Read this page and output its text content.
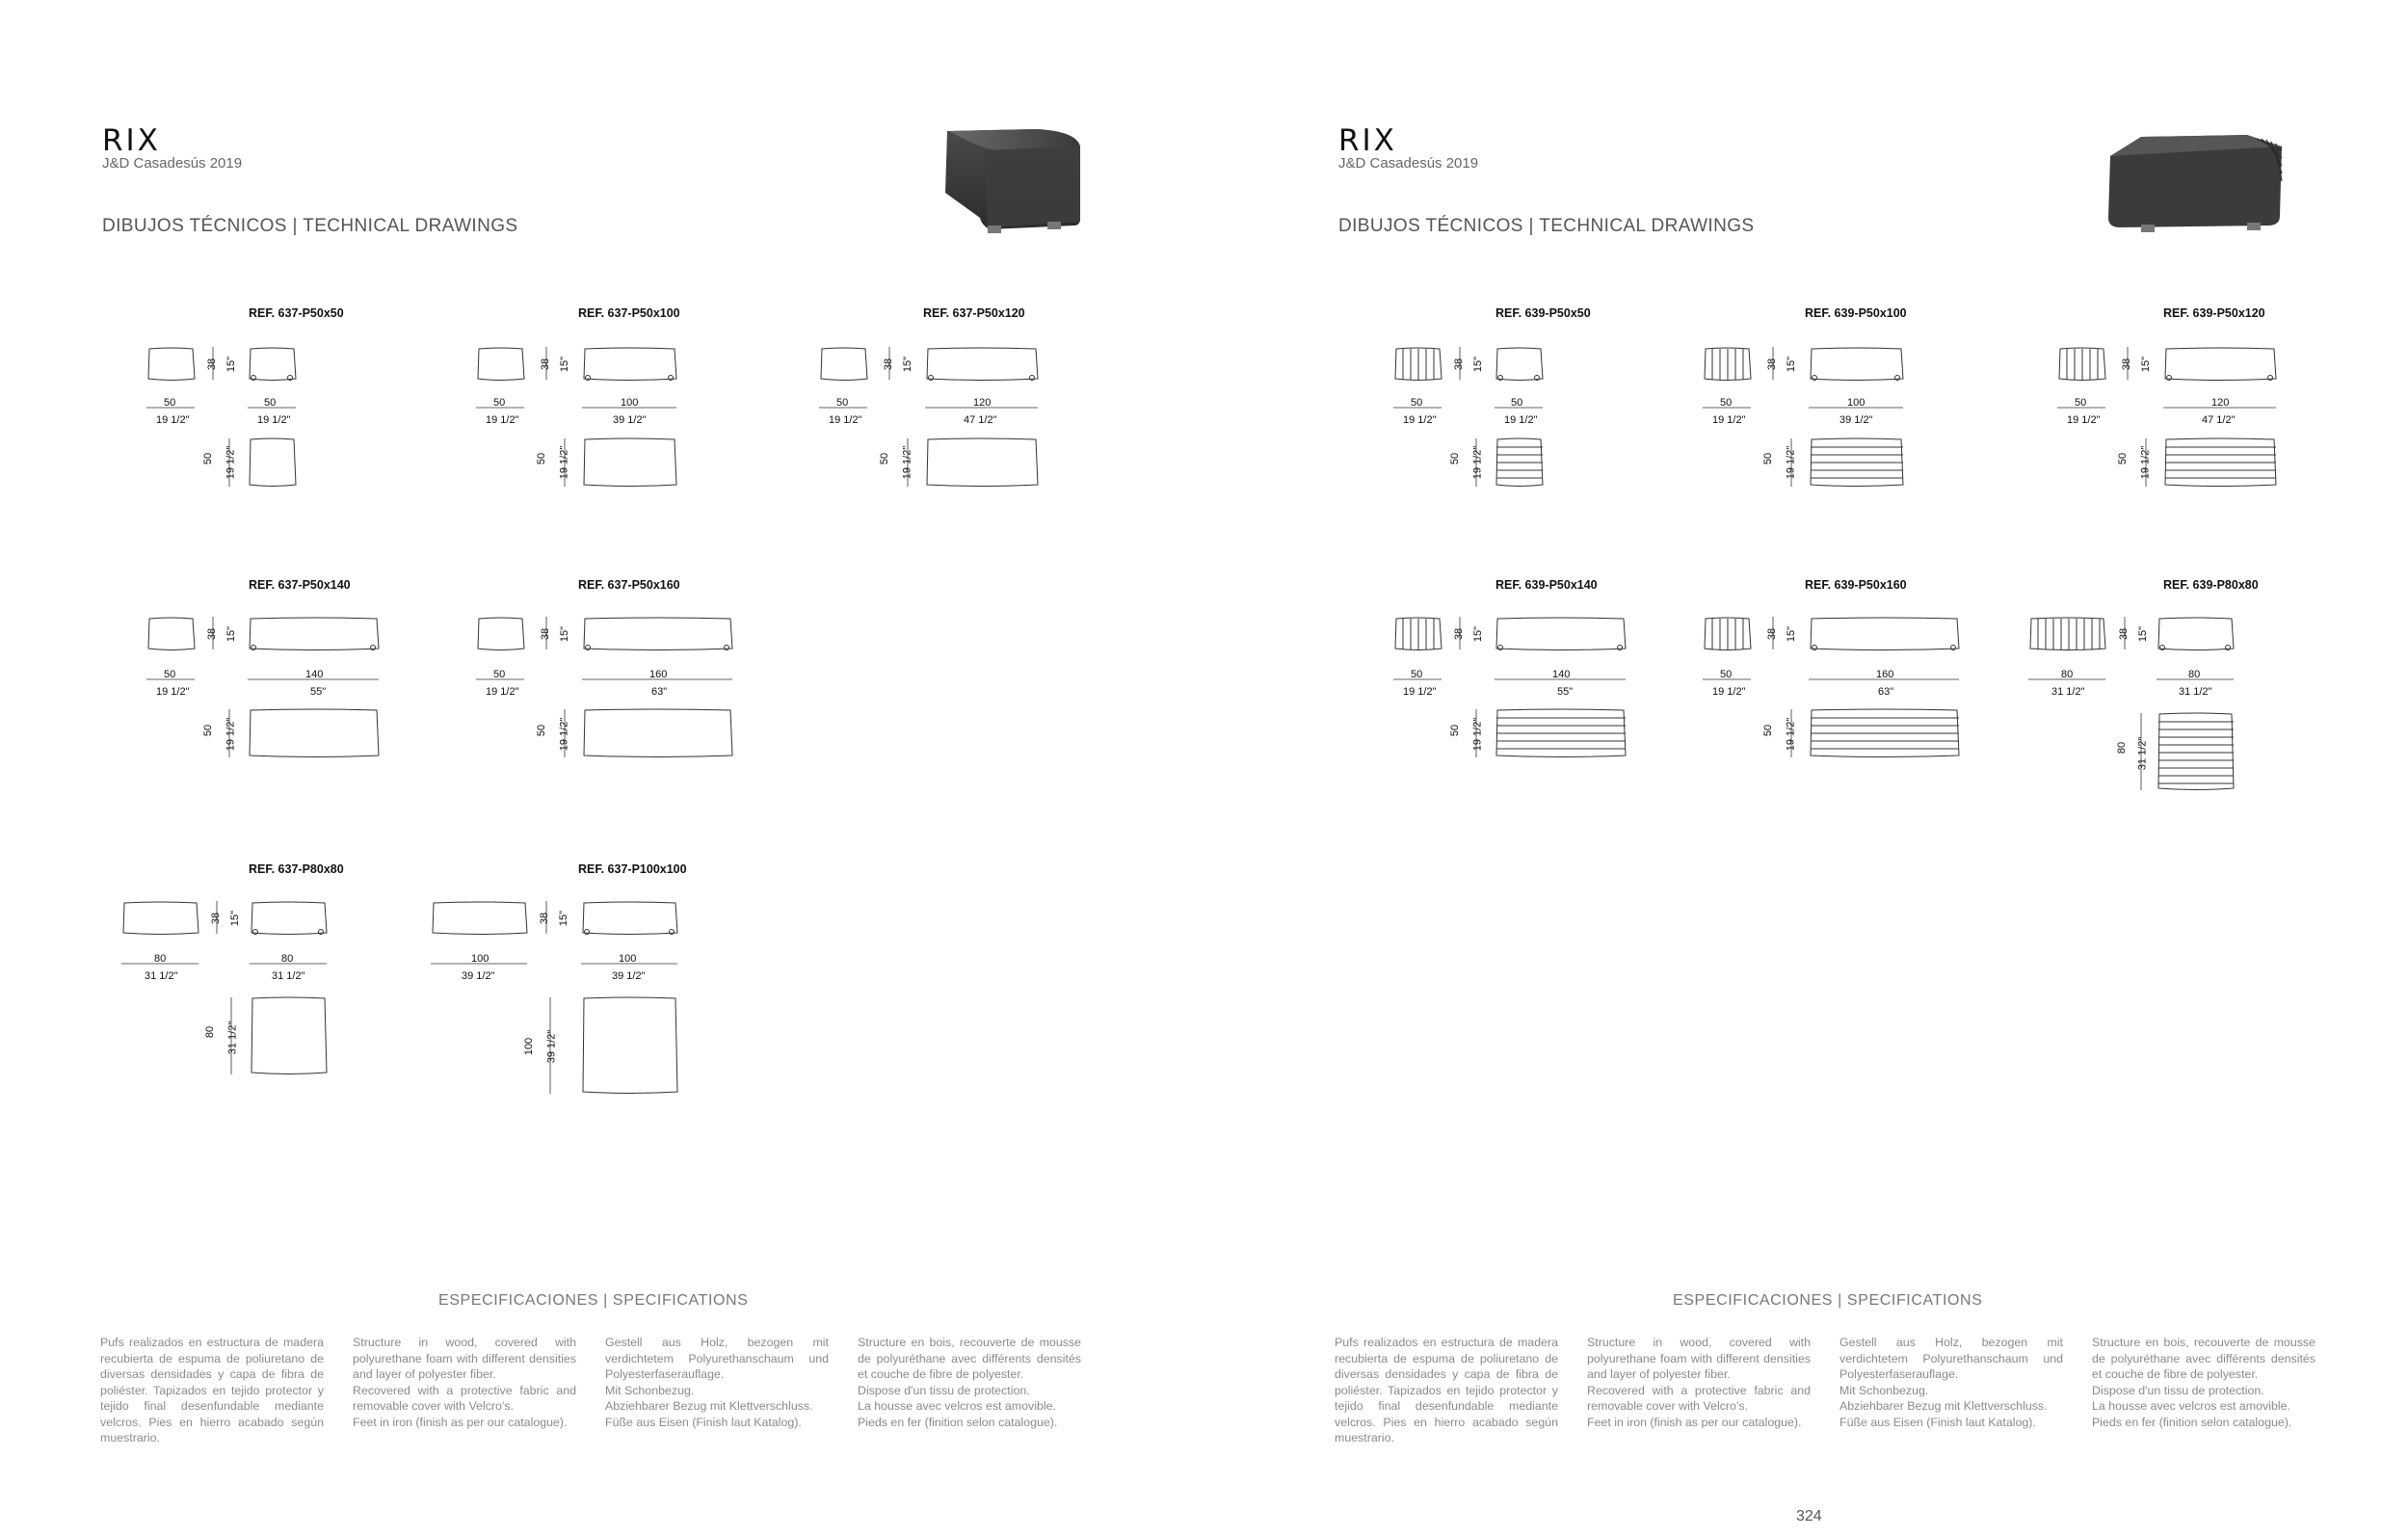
RIX
J&D Casadesús 2019
DIBUJOS TÉCNICOS | TECHNICAL DRAWINGS
REF. 637-P50x50
50
19 1/2"
50
19 1/2"
38 15"
50 19 1/2"
REF. 637-P50x100
50
19 1/2"
100
39 1/2"
38 15"
50 19 1/2"
REF. 637-P50x120
50
19 1/2"
120
47 1/2"
38 15"
50 19 1/2"
REF. 637-P50x140
50
19 1/2"
140
55"
38 15"
50 19 1/2"
REF. 637-P50x160
50
19 1/2"
160
63"
38 15"
50 19 1/2"
REF. 637-P80x80
80
31 1/2"
80
31 1/2"
38 15"
80 31 1/2"
REF. 637-P100x100
100
39 1/2"
100
39 1/2"
38 15"
100 39 1/2"
ESPECIFICACIONES | SPECIFICATIONS

Pufs realizados en estructura de madera recubierta de espuma de poliuretano de diversas densidades y capa de fibra de poliéster. Tapizados en tejido protector y tejido final desenfundable mediante velcros. Pies en hierro acabado según muestrario.

Structure in wood, covered with polyurethane foam with different densities and layer of polyester fiber.

Recovered with a protective fabric and removable cover with Velcro's.

Feet in iron (finish as per our catalogue).

Gestell aus Holz, bezogen mit verdichtetem Polyurethanschaum und Polyesterfaserauflage.

Mit Schonbezug.

Abziehbarer Bezug mit Klettverschluss.

Füße aus Eisen (Finish laut Katalog).

Structure en bois, recouverte de mousse de polyuréthane avec différents densités et couche de fibre de polyester.

Dispose d'un tissu de protection.

La housse avec velcros est amovible.

Pieds en fer (finition selon catalogue).

RIX
J&D Casadesús 2019
DIBUJOS TÉCNICOS | TECHNICAL DRAWINGS
REF. 639-P50x50
50
19 1/2"
50
19 1/2"
38 15"
50 19 1/2"
REF. 639-P50x100
50
19 1/2"
100
39 1/2"
38 15"
50 19 1/2"
REF. 639-P50x120
50
19 1/2"
120
47 1/2"
38 15"
50 19 1/2"
REF. 639-P50x140
50
19 1/2"
140
55"
38 15"
50 19 1/2"
REF. 639-P50x160
50
19 1/2"
160
63"
38 15"
50 19 1/2"
REF. 639-P80x80
80
31 1/2"
80
31 1/2"
38 15"
80 31 1/2"
ESPECIFICACIONES | SPECIFICATIONS

Pufs realizados en estructura de madera recubierta de espuma de poliuretano de diversas densidades y capa de fibra de poliéster. Tapizados en tejido protector y tejido final desenfundable mediante velcros. Pies en hierro acabado según muestrario.

Structure in wood, covered with polyurethane foam with different densities and layer of polyester fiber.

Recovered with a protective fabric and removable cover with Velcro's.

Feet in iron (finish as per our catalogue).

Gestell aus Holz, bezogen mit verdichtetem Polyurethanschaum und Polyesterfaserauflage.

Mit Schonbezug.

Abziehbarer Bezug mit Klettverschluss.

Füße aus Eisen (Finish laut Katalog).

Structure en bois, recouverte de mousse de polyuréthane avec différents densités et couche de fibre de polyester.

Dispose d'un tissu de protection.

La housse avec velcros est amovible.

Pieds en fer (finition selon catalogue).

324
